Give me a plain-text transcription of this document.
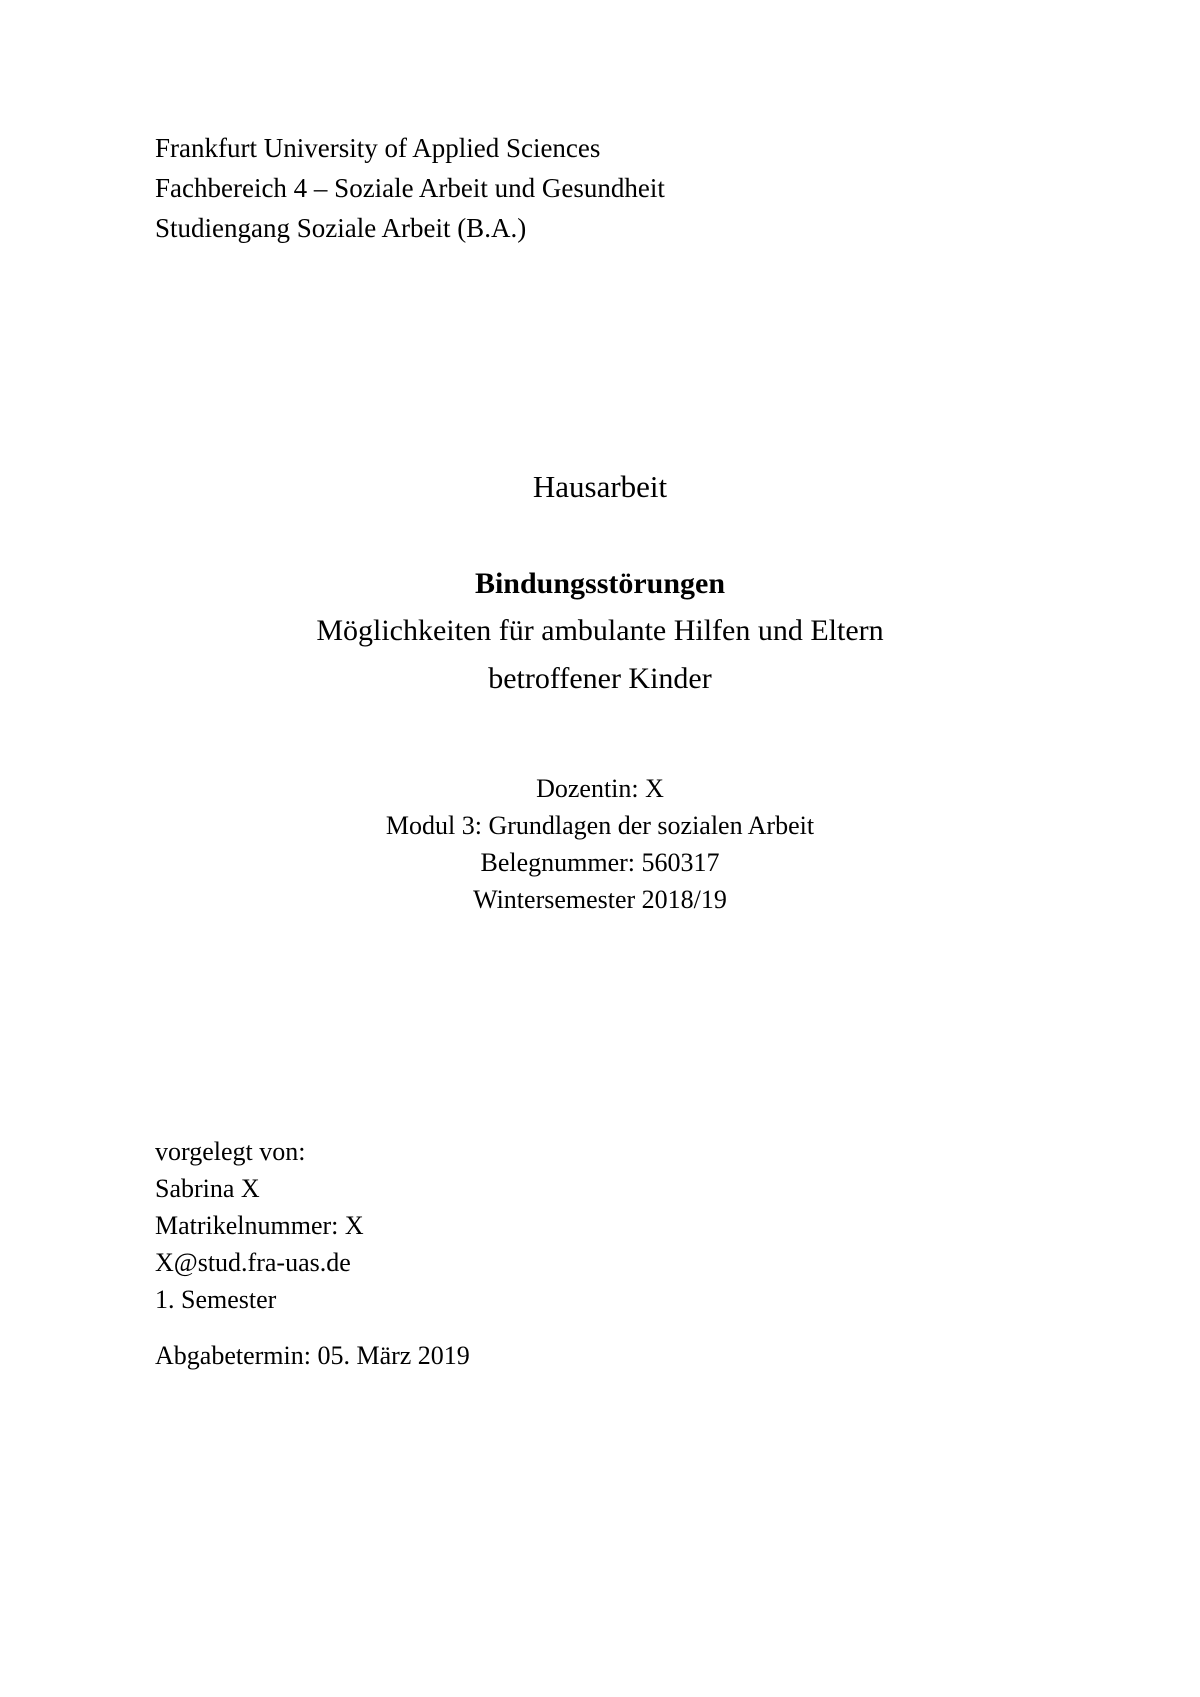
Frankfurt University of Applied Sciences
Fachbereich 4 – Soziale Arbeit und Gesundheit
Studiengang Soziale Arbeit (B.A.)
Hausarbeit
Bindungsstörungen
Möglichkeiten für ambulante Hilfen und Eltern
betroffener Kinder
Dozentin: X
Modul 3: Grundlagen der sozialen Arbeit
Belegnummer: 560317
Wintersemester 2018/19
vorgelegt von:
Sabrina X
Matrikelnummer: X
X@stud.fra-uas.de
1. Semester
Abgabetermin: 05. März 2019
